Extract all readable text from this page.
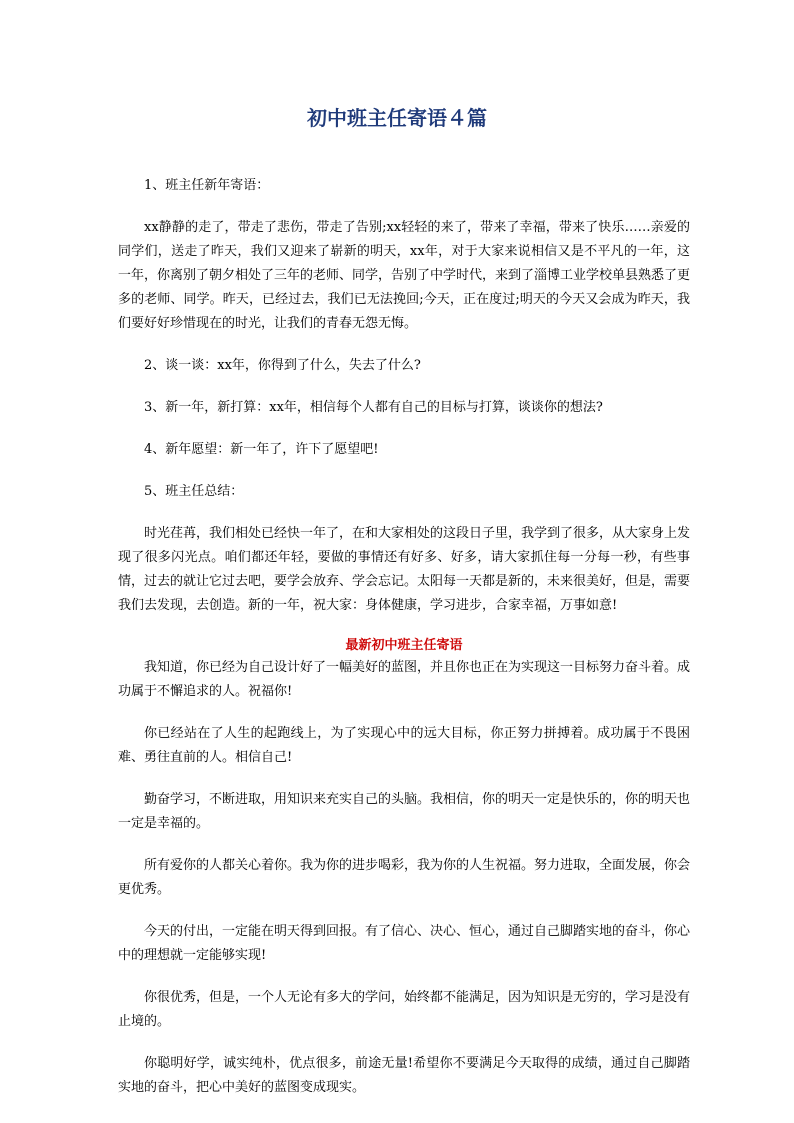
初中班主任寄语４篇

1、班主任新年寄语：

xx静静的走了，带走了悲伤，带走了告别;xx轻轻的来了，带来了幸福，带来了快乐……亲爱的同学们，送走了昨天，我们又迎来了崭新的明天，xx年，对于大家来说相信又是不平凡的一年，这一年，你离别了朝夕相处了三年的老师、同学，告别了中学时代，来到了淄博工业学校单县熟悉了更多的老师、同学。昨天，已经过去，我们已无法挽回;今天，正在度过;明天的今天又会成为昨天，我们要好好珍惜现在的时光，让我们的青春无怨无悔。

2、谈一谈：xx年，你得到了什么，失去了什么?

3、新一年，新打算：xx年，相信每个人都有自己的目标与打算，谈谈你的想法?

4、新年愿望：新一年了，许下了愿望吧!

5、班主任总结：

时光荏苒，我们相处已经快一年了，在和大家相处的这段日子里，我学到了很多，从大家身上发现了很多闪光点。咱们都还年轻，要做的事情还有好多、好多，请大家抓住每一分每一秒，有些事情，过去的就让它过去吧，要学会放弃、学会忘记。太阳每一天都是新的，未来很美好，但是，需要我们去发现，去创造。新的一年，祝大家：身体健康，学习进步，合家幸福，万事如意!

最新初中班主任寄语

我知道，你已经为自己设计好了一幅美好的蓝图，并且你也正在为实现这一目标努力奋斗着。成功属于不懈追求的人。祝福你!

你已经站在了人生的起跑线上，为了实现心中的远大目标，你正努力拼搏着。成功属于不畏困难、勇往直前的人。相信自己!

勤奋学习，不断进取，用知识来充实自己的头脑。我相信，你的明天一定是快乐的，你的明天也一定是幸福的。

所有爱你的人都关心着你。我为你的进步喝彩，我为你的人生祝福。努力进取，全面发展，你会更优秀。

今天的付出，一定能在明天得到回报。有了信心、决心、恒心，通过自己脚踏实地的奋斗，你心中的理想就一定能够实现!

你很优秀，但是，一个人无论有多大的学问，始终都不能满足，因为知识是无穷的，学习是没有止境的。

你聪明好学，诚实纯朴，优点很多，前途无量!希望你不要满足今天取得的成绩，通过自己脚踏实地的奋斗，把心中美好的蓝图变成现实。
